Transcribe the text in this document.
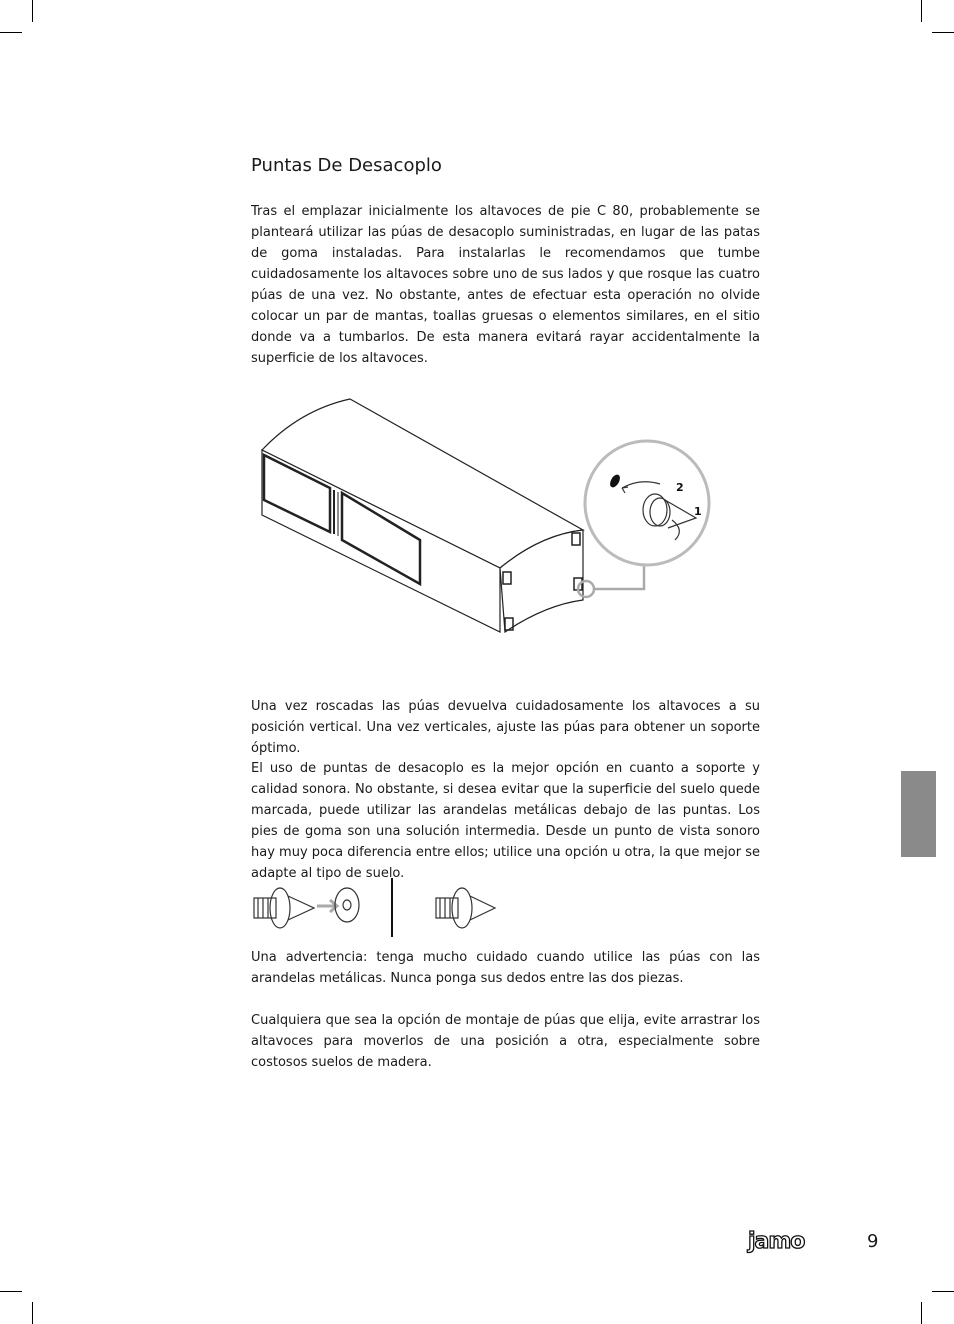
Puntas De Desacoplo

Tras el emplazar inicialmente los altavoces de pie C 80, probablemente se planteará utilizar las púas de desacoplo suministradas, en lugar de las patas de goma instaladas. Para instalarlas le recomendamos que tumbe cuidadosamente los altavoces sobre uno de sus lados y que rosque las cuatro púas de una vez. No obstante, antes de efectuar esta operación no olvide colocar un par de mantas, toallas gruesas o elementos similares, en el sitio donde va a tumbarlos. De esta manera evitará rayar accidentalmente la superficie de los altavoces.

2
1

Una vez roscadas las púas devuelva cuidadosamente los altavoces a su posición vertical. Una vez verticales, ajuste las púas para obtener un soporte óptimo.

El uso de puntas de desacoplo es la mejor opción en cuanto a soporte y calidad sonora. No obstante, si desea evitar que la superficie del suelo quede marcada, puede utilizar las arandelas metálicas debajo de las puntas. Los pies de goma son una solución intermedia. Desde un punto de vista sonoro hay muy poca diferencia entre ellos; utilice una opción u otra, la que mejor se adapte al tipo de suelo.

Una advertencia: tenga mucho cuidado cuando utilice las púas con las arandelas metálicas. Nunca ponga sus dedos entre las dos piezas.

Cualquiera que sea la opción de montaje de púas que elija, evite arrastrar los altavoces para moverlos de una posición a otra, especialmente sobre costosos suelos de madera.

jamo	9
